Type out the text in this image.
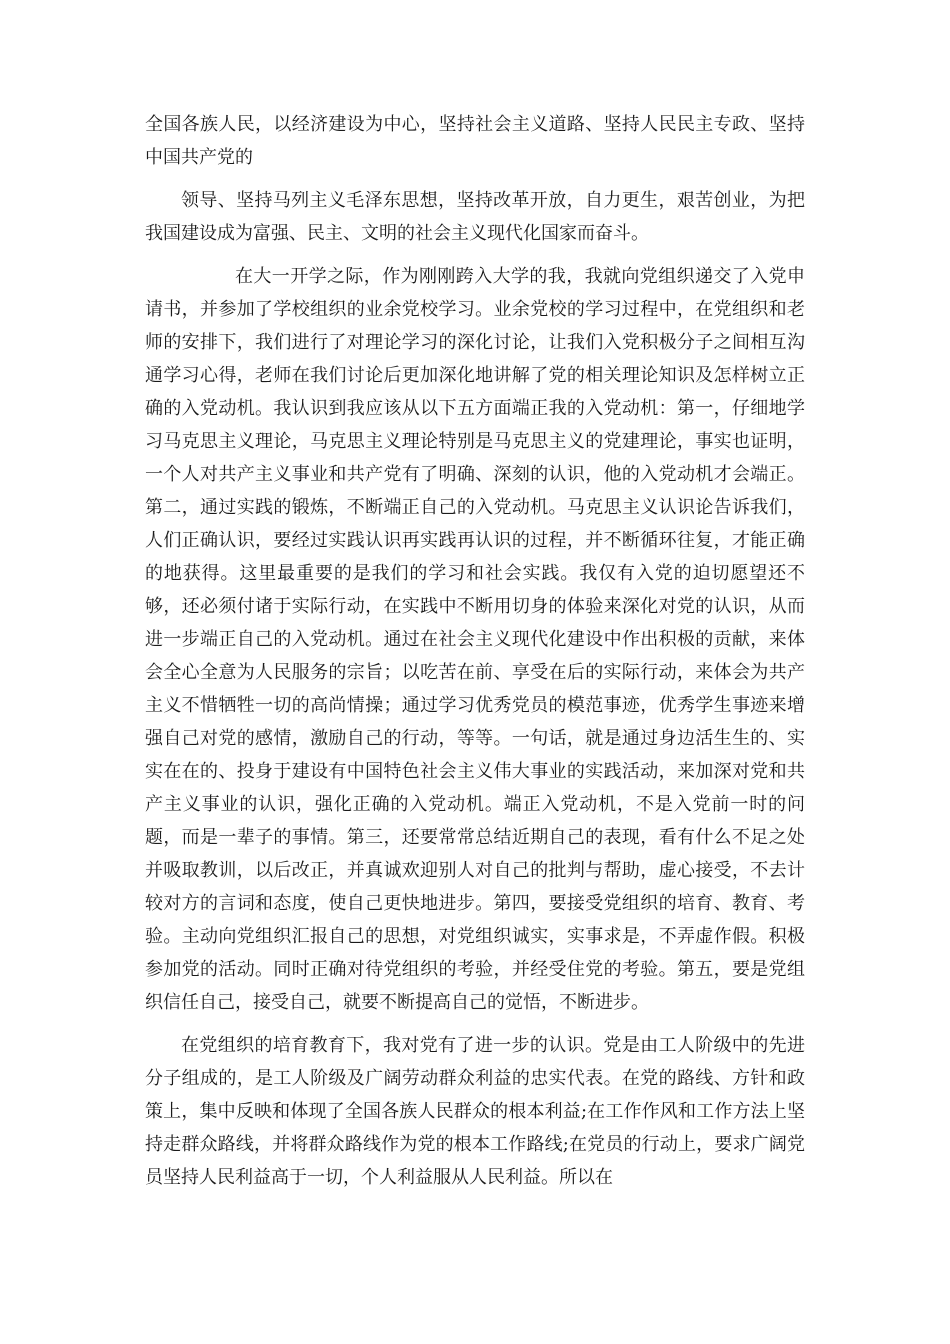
全国各族人民，以经济建设为中心，坚持社会主义道路、坚持人民民主专政、坚持中国共产党的

领导、坚持马列主义毛泽东思想，坚持改革开放，自力更生，艰苦创业，为把我国建设成为富强、民主、文明的社会主义现代化国家而奋斗。

在大一开学之际，作为刚刚跨入大学的我，我就向党组织递交了入党申请书，并参加了学校组织的业余党校学习。业余党校的学习过程中，在党组织和老师的安排下，我们进行了对理论学习的深化讨论，让我们入党积极分子之间相互沟通学习心得，老师在我们讨论后更加深化地讲解了党的相关理论知识及怎样树立正确的入党动机。我认识到我应该从以下五方面端正我的入党动机：第一，仔细地学习马克思主义理论，马克思主义理论特别是马克思主义的党建理论，事实也证明，一个人对共产主义事业和共产党有了明确、深刻的认识，他的入党动机才会端正。第二，通过实践的锻炼，不断端正自己的入党动机。马克思主义认识论告诉我们，人们正确认识，要经过实践认识再实践再认识的过程，并不断循环往复，才能正确的地获得。这里最重要的是我们的学习和社会实践。我仅有入党的迫切愿望还不够，还必须付诸于实际行动，在实践中不断用切身的体验来深化对党的认识，从而进一步端正自己的入党动机。通过在社会主义现代化建设中作出积极的贡献，来体会全心全意为人民服务的宗旨；以吃苦在前、享受在后的实际行动，来体会为共产主义不惜牺牲一切的高尚情操；通过学习优秀党员的模范事迹，优秀学生事迹来增强自己对党的感情，激励自己的行动，等等。一句话，就是通过身边活生生的、实实在在的、投身于建设有中国特色社会主义伟大事业的实践活动，来加深对党和共产主义事业的认识，强化正确的入党动机。端正入党动机，不是入党前一时的问题，而是一辈子的事情。第三，还要常常总结近期自己的表现，看有什么不足之处并吸取教训，以后改正，并真诚欢迎别人对自己的批判与帮助，虚心接受，不去计较对方的言词和态度，使自己更快地进步。第四，要接受党组织的培育、教育、考验。主动向党组织汇报自己的思想，对党组织诚实，实事求是，不弄虚作假。积极参加党的活动。同时正确对待党组织的考验，并经受住党的考验。第五，要是党组织信任自己，接受自己，就要不断提高自己的觉悟，不断进步。

在党组织的培育教育下，我对党有了进一步的认识。党是由工人阶级中的先进分子组成的，是工人阶级及广阔劳动群众利益的忠实代表。在党的路线、方针和政策上，集中反映和体现了全国各族人民群众的根本利益;在工作作风和工作方法上坚持走群众路线，并将群众路线作为党的根本工作路线;在党员的行动上，要求广阔党员坚持人民利益高于一切，个人利益服从人民利益。所以在
